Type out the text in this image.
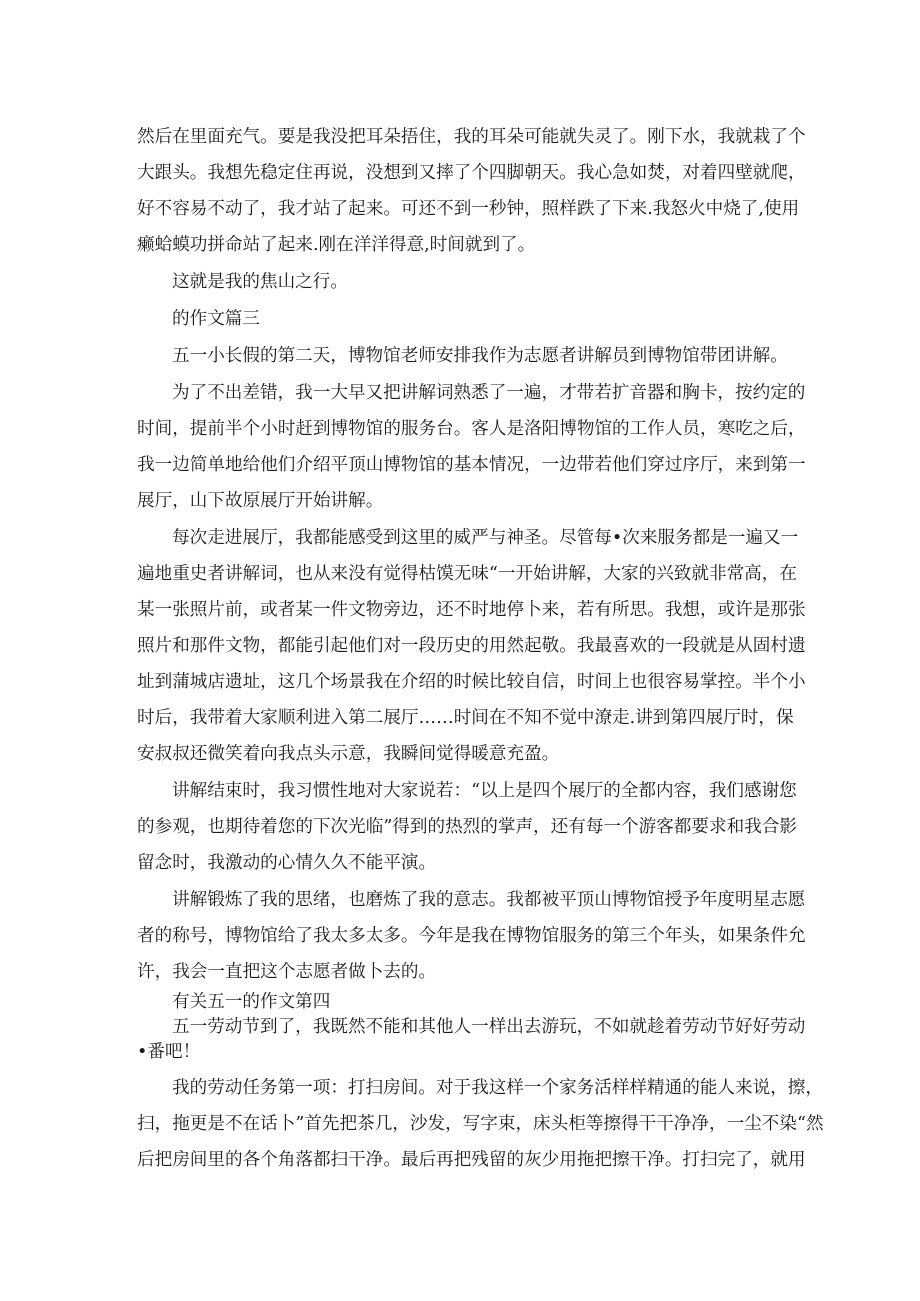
然后在里面充气。要是我没把耳朵捂住，我的耳朵可能就失灵了。刚下水，我就栽了个
大跟头。我想先稳定住再说，没想到又摔了个四脚朝天。我心急如焚，对着四壁就爬，
好不容易不动了，我才站了起来。可还不到一秒钟，照样跌了下来.我怒火中烧了,使用
癞蛤蟆功拼命站了起来.刚在洋洋得意,时间就到了。
这就是我的焦山之行。
的作文篇三
五一小长假的第二天，博物馆老师安排我作为志愿者讲解员到博物馆带团讲解。
为了不出差错，我一大早又把讲解词熟悉了一遍，才带若扩音器和胸卡，按约定的
时间，提前半个小时赶到博物馆的服务台。客人是洛阳博物馆的工作人员，寒吃之后，
我一边简单地给他们介绍平顶山博物馆的基本情况，一边带若他们穿过序厅，来到第一
展厅，山下故原展厅开始讲解。
每次走进展厅，我都能感受到这里的威严与神圣。尽管每•次来服务都是一遍又一
遍地重史者讲解词，也从来没有觉得枯馍无味“一开始讲解，大家的兴致就非常高，在
某一张照片前，或者某一件文物旁边，还不时地停卜来，若有所思。我想，或许是那张
照片和那件文物，都能引起他们对一段历史的用然起敬。我最喜欢的一段就是从固村遗
址到蒲城店遗址，这几个场景我在介绍的时候比较自信，时间上也很容易掌控。半个小
时后，我带着大家顺利进入第二展厅……时间在不知不觉中潦走.讲到第四展厅时，保
安叔叔还微笑着向我点头示意，我瞬间觉得暖意充盈。
讲解结束时，我习惯性地对大家说若：“以上是四个展厅的全都内容，我们感谢您
的参观，也期待着您的下次光临”得到的热烈的掌声，还有每一个游客都要求和我合影
留念时，我激动的心情久久不能平演。
讲解锻炼了我的思绪，也磨炼了我的意志。我都被平顶山博物馆授予年度明星志愿
者的称号，博物馆给了我太多太多。今年是我在博物馆服务的第三个年头，如果条件允
许，我会一直把这个志愿者做卜去的。
有关五一的作文第四
五一劳动节到了，我既然不能和其他人一样出去游玩，不如就趁着劳动节好好劳动
•番吧！
我的劳动任务第一项：打扫房间。对于我这样一个家务活样样精通的能人来说，擦，
扫，拖更是不在话卜”首先把茶几，沙发，写字束，床头柜等擦得干干净净，一尘不染“然
后把房间里的各个角落都扫干净。最后再把残留的灰少用拖把擦干净。打扫完了，就用
